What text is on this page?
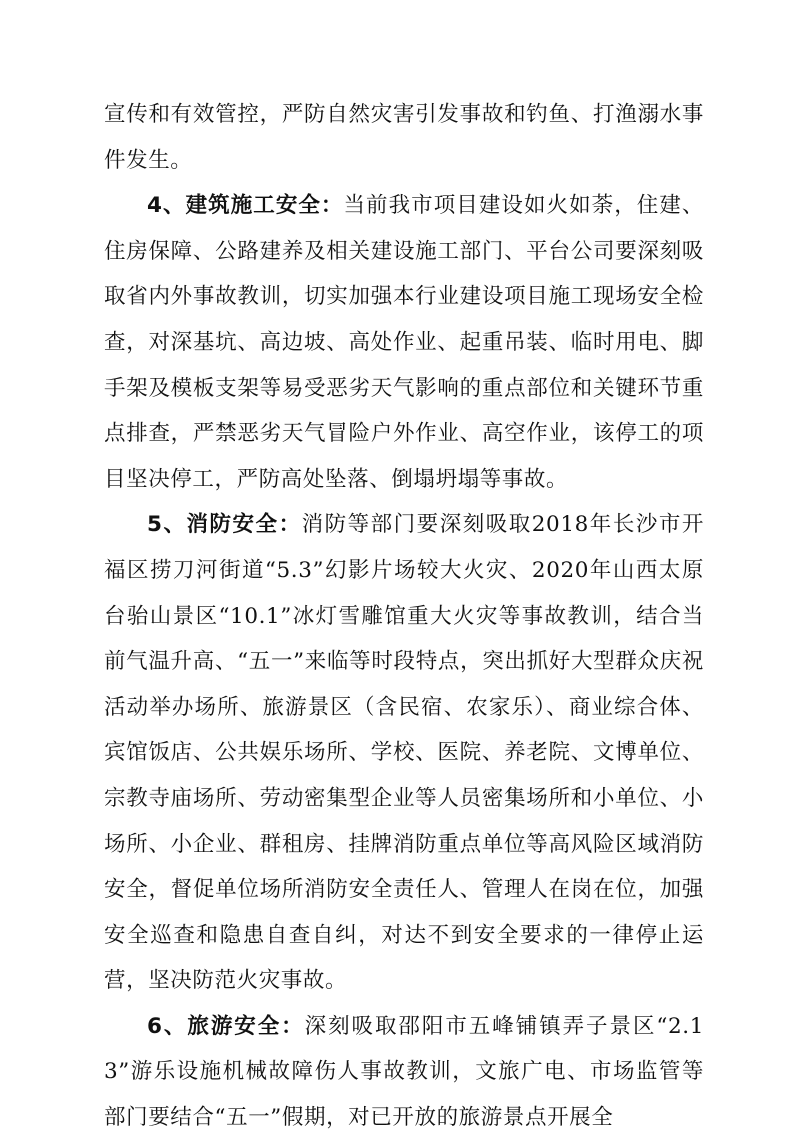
宣传和有效管控，严防自然灾害引发事故和钓鱼、打渔溺水事件发生。

4、建筑施工安全：当前我市项目建设如火如荼，住建、住房保障、公路建养及相关建设施工部门、平台公司要深刻吸取省内外事故教训，切实加强本行业建设项目施工现场安全检查，对深基坑、高边坡、高处作业、起重吊装、临时用电、脚手架及模板支架等易受恶劣天气影响的重点部位和关键环节重点排查，严禁恶劣天气冒险户外作业、高空作业，该停工的项目坚决停工，严防高处坠落、倒塌坍塌等事故。

5、消防安全：消防等部门要深刻吸取2018年长沙市开福区捞刀河街道“5.3”幻影片场较大火灾、2020年山西太原台骀山景区“10.1”冰灯雪雕馆重大火灾等事故教训，结合当前气温升高、“五一”来临等时段特点，突出抓好大型群众庆祝活动举办场所、旅游景区（含民宿、农家乐）、商业综合体、宾馆饭店、公共娱乐场所、学校、医院、养老院、文博单位、宗教寺庙场所、劳动密集型企业等人员密集场所和小单位、小场所、小企业、群租房、挂牌消防重点单位等高风险区域消防安全，督促单位场所消防安全责任人、管理人在岗在位，加强安全巡查和隐患自查自纠，对达不到安全要求的一律停止运营，坚决防范火灾事故。

6、旅游安全：深刻吸取邵阳市五峰铺镇弄子景区“2.13”游乐设施机械故障伤人事故教训，文旅广电、市场监管等部门要结合“五一”假期，对已开放的旅游景点开展全
